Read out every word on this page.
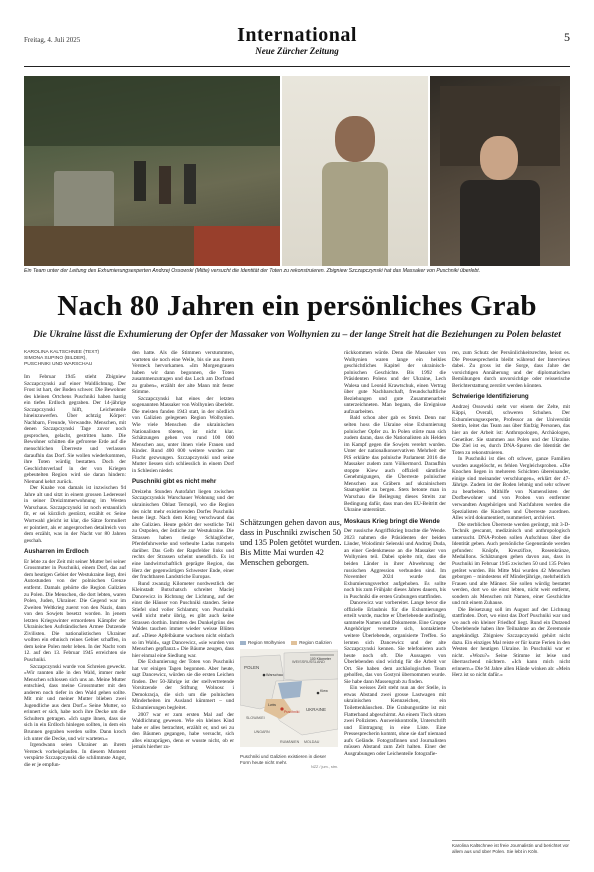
Freitag, 4. Juli 2025	International
Neue Zürcher Zeitung
5
Ein Team unter der Leitung des Exhumierungsexperten Andrzej Ossowski (Mitte) versucht die Identität der Toten zu rekonstruieren. Zbigniew Szczapczynski hat das Massaker von Puschniki überlebt.
Nach 80 Jahren ein persönliches Grab
Die Ukraine lässt die Exhumierung der Opfer der Massaker von Wolhynien zu – der lange Streit hat die Beziehungen zu Polen belastet
KAROLINA KALTSCHNEE (TEXT)
SIMONA SUPINO (BILDER),
PUSCHNIKI UND WARSCHAU

Im Februar 1945 stieht Zbigniew Szczapczynski auf einer Waldlichtung. Der Frost ist hart, der Boden schwer. Die Bewohner des kleinen Ortchens Puschniki haben hastig ein tiefes Erdloch gegraben. Der 14-jährige Szczapczynski hilft, Leichenteile hineinzuwerfen. Über achtzig Körper: Nachbarn, Freunde, Verwandte. Menschen, mit denen Szczapczynski Tage zuvor noch gesprochen, gelacht, gestritten hatte. Die Bewohner schütten die gefrorene Erde auf die menschlichen Überreste und verlassen daraufhin das Dorf. Sie wollen wiederkommen, ihre Toten würdig bestatten. Doch der Geschichtsverlauf in der von Kriegen gebeutelten Region wird sie daran hindern: Niemand kehrt zurück.

Der Knabe von damals ist inzwischen 94 Jahre alt und sitzt in einem grossen Lederessel in seiner Dreizimmerwohnung im Westen Warschaus. Szczapczynski ist noch erstaunlich fit, er sei kürzlich gestürzt, erzählt er. Seine Wortwahl gleicht ist klar, die Sätze formuliert er pointiert, als er angesprochen detailreich von dem erzählt, was in der Nacht vor 80 Jahren geschah.

Ausharren im Erdloch

Er lebte zu der Zeit mit seiner Mutter bei seiner Grossmutter in Puschniki, einem Dorf, das auf dem heutigen Gebiet der Westukraine liegt, drei Autostunden von der polnischen Grenze entfernt. Damals gehörte die Region Galizien zu Polen. Die Menschen, die dort lebten, waren Polen, Juden, Ukrainer. Die Gegend war im Zweiten Weltkrieg zuerst von den Nazis, dann von den Sowjets besetzt worden. In jenem letzten Kriegswinter ermordeten Kämpfer der Ukrainischen Aufständischen Armee Dutzende Zivilisten. Die nationalistischen Ukrainer wollten ein ethnisch reines Gebiet schaffen, in dem keine Polen mehr leben. In der Nacht vom 12. auf den 13. Februar 1945 erreichten sie Puschniki.

Szczapczynski wurde von Schreien geweckt. «Wir rannten alle in den Wald, immer mehr Menschen schlossen sich uns an. Meine Mutter entschied, dass meine Grossmutter mit den anderen noch tiefer in den Wald gehen sollte. Mit mir und meiner Mutter blieben zwei Jugendliche aus dem Dorf.» Seine Mutter, so erinnert er sich, habe noch ihre Decke um die Schultern getragen. «Ich sagte ihnen, dass sie sich in ein Erdloch hinlegen sollten, in dem ein Brunnen gegraben werden sollte. Dann kroch ich unter die Decke, und wir warteten.»

Irgendwann seien Ukrainer an ihrem Versteck vorbeigelaufen. In diesem Moment verspürte Szczapczynski die schlimmste Angst, die er je empfun-

den hatte. Als die Stimmen verstummten, warteten sie noch eine Weile, bis sie aus ihrem Versteck hervorkamen. «Im Morgengrauen haben wir dann begonnen, die Toten zusammenzutragen und das Loch am Dorfrand zu graben», erzählt der alte Mann mit fester Stimme.

Szczapczynski hat eines der letzten sogenannten Massaker von Wolhynien überlebt. Die meisten fanden 1943 statt, in der nördlich von Galizien gelegenen Region Wolhynien. Wie viele Menschen die ukrainischen Nationalisten töteten, ist nicht klar. Schätzungen gehen von rund 100 000 Menschen aus, unter ihnen viele Frauen und Kinder. Rund 400 000 weitere wurden zur Flucht gezwungen. Szczapczynski und seine Mutter liessen sich schliesslich in einem Dorf in Schlesien nieder.

Puschniki gibt es nicht mehr

Dreizehn Stunden Autofahrt liegen zwischen Szczapczynskis Warschauer Wohnung und der ukrainischen Oblast Ternopil, wo die Region des nicht mehr existierenden Dorfes Puschniki heute liegt. Nach dem Krieg verschwand das alte Galizien. Heute gehört der westliche Teil zu Ostpolen, der östliche zur Westukraine. Die Strassen haben riesige Schlaglöcher, Pferdefuhrwerke und verbeulte Ladas rumpeln darüber. Das Gelb der Rapsfelder links und rechts der Strassen scheint unendlich. Es ist eine landwirtschaftlich geprägte Region, das Herz der gegenwärtigen Schwester Ende, einer der fruchtbaren Landstriche Europas.

Rund zwanzig Kilometer nordwestlich der Kleinstadt Butschatsch schreitet Maciej Dancewicz in Richtung der Lichtung, auf der einst die Häuser von Puschniki standen. Seine Stiefel sind voller Schlamm; von Puschniki weiß nicht mehr übrig, es gibt auch keine Strassen dorthin. Inmitten des Dunkelgrüns des Waldes tauchen immer wieder weisse Blüten auf. «Diese Apfelbäume wachsen nicht einfach so im Wald», sagt Dancewicz, «sie wurden von Menschen gepflanzt.» Die Bäume zeugen, dass hier einmal eine Siedlung war.

Die Exhumierung der Toten von Puschniki hat vor einigen Tagen begonnen. Aber heute, sagt Dancewicz, würden sie die ersten Leichen finden. Der 50-Jährige ist der stellvertretende Vorsitzende der Stiftung Wolnosc i Demokracja, die sich um die polnischen Minderheiten im Ausland kümmert – und Exhumierungen begleitet.

2007 war er zum ersten Mal auf der Waldlichtung gewesen. Wie ein kleines Kind habe er alles betrachtet, erzählt er, und sei zu den Bäumen gegangen, habe versucht, sich alles einzuprägen, denn er wusste nicht, ob er jemals hierher zu-

Schätzungen gehen davon aus, dass in Puschniki zwischen 50 und 135 Polen getötet wurden. Bis Mitte Mai wurden 42 Menschen geborgen.
Region Wolhynien	Region Galizien
POLEN
Warschau
WEISSRUSSLAND
UKRAINE
Lwiw
Kiew
Puschniki
SLOWAKEI
UNGARN
RUMÄNIEN MOLDAU
100 Kilometer
Puschniki und Galizien existieren in dieser Form heute nicht mehr.
NZZ / jum., stm.

rückkommen würde. Denn die Massaker von Wolhynien waren lange ein heikles geschichtliches Kapitel der ukrainisch-polnischen Geschichte. Bis 1992 die Präsidenten Polens und der Ukraine, Lech Walesa und Leonid Krawtschuk, einen Vertrag über gute Nachbarschaft, freundschaftliche Beziehungen und gute Zusammenarbeit unterzeichneten. Man begann, die Ereignisse aufzuarbeiten.

Bald schon aber gab es Streit. Denn nur selten hoss die Ukraine eine Exhumierung polnischer Opfer zu. In Polen störte man sich zudem daran, dass die Nationalisten als Helden im Kampf gegen die Sowjets verehrt wurden. Unter der nationalkonservativen Mehrheit der PiS erklärte das polnische Parlament 2016 die Massaker zudem zum Völkermord. Daraufhin stoppte Kiew auch offiziell sämtliche Genehmigungen, die Überreste polnischer Menschen aus Gräbern auf ukrainischem Staatsgebiet zu bergen. Stets betonte man in Warschau die Beilegung dieses Streits zur Bedingung dafür, dass man den EU-Beitritt der Ukraine unterstützt.

Moskaus Krieg bringt die Wende

Der russische Angriffskrieg brachte die Wende. 2023 nahmen die Präsidenten der beiden Länder, Wolodimir Selenski und Andrzej Duda, an einer Gedenkmesse an die Massaker von Wolhynien teil. Dabei spielte mit, dass die beiden Länder in ihrer Abwehrung der russischen Aggression verbunden sind. Im November 2024 wurde das Exhumierungsverbot aufgehoben. Es sollte noch bis zum Frühjahr dieses Jahres dauern, bis in Puschniki die ersten Grabungen stattfinden.

Dancewicz war vorbereitet. Lange bevor die offizielle Erlaubnis für die Exhumierungen erteilt wurde, machte er Überlebende ausfindig, sammelte Namen und Dokumente. Eine Gruppe Angehöriger vernetzte sich, kontaktierte weitere Überlebende, organisierte Treffen. So lernten sich Dancewicz und der alte Szczapczynski kennen. Sie telefonieren auch heute noch oft. Die Aussagen von Überlebenden sind wichtig für die Arbeit vor Ort. Sie haben dem archäologischen Team geholfen, das von Gostyni übernommen wurde. Sie habe dann Massengrab zu finden.

Ein weisses Zelt steht nun an der Stelle, in etwas Abstand zwei grosse Lastwagen mit ukrainischen Kennzeichen, ein Toilettenhäuschen. Die Grabungsstätte ist mit Flatterband abgeschirmt. An einem Tisch sitzen zwei Polizisten. Ausweiskontrolle, Unterschrift und Eintragung in eine Liste. Eine Pressesprecherin kommt, ohne sie darf niemand aufs Gelände. Fotografinnen und Journalisten müssen Abstand zum Zelt halten. Einer der Ausgrabungen oder Leichenteile fotografie-

ren, zum Schutz der Persönlichkeitsrechte, heisst es. Die Pressesprecherin bleibt während der Interviews dabei. Zu gross ist die Sorge, dass Jahre der vorsichtigen Annäherung und der diplomatischen Bemühungen durch unvorsichtige oder reisserische Berichterstattung zerstört werden könnten.

Schwierige Identifizierung

Andrzej Ossowski steht vor einem der Zelte, mit Käppi, Overall, schweren Schuhen. Der Exhumierungsexperte, Professor an der Universität Stettin, leitet das Team aus über fünfzig Personen, das hier an der Arbeit ist: Anthropologen, Archäologen, Genetiker. Sie stammen aus Polen und der Ukraine. Die Ziel ist es, durch DNA-Spuren die Identität der Toten zu rekonstruieren.

In Puschniki ist dies oft schwer, ganze Familien wurden ausgelöscht, es fehlen Vergleichsproben. «Die Knochen liegen in mehreren Schichten übereinander, einige sind meinander verschlungen», erklärt der 47-Jährige. Zudem ist der Boden lehmig und sehr schwer zu bearbeiten. Mithilfe von Namenslisten der Dorfbewohner und von Proben von entfernter verwandten Angehörigen und Nachfahren werden die Spezialisten die Knochen und Überreste zuordnen. Alles wird dokumentiert, nummeriert, archiviert.

Die sterblichen Überreste werden geröntgt, mit 3-D-Technik gescannt, medizinisch und anthropologisch untersucht. DNA-Proben sollen Aufschluss über die Identität geben. Auch persönliche Gegenstände werden gefunden: Knöpfe, Kreuzifixe, Rosenkränze, Medaillons. Schätzungen gehen davon aus, dass in Puschniki im Februar 1945 zwischen 50 und 135 Polen getötet wurden. Bis Mitte Mai wurden 42 Menschen geborgen – mindestens elf Minderjährige, mehrheitlich Frauen und alte Männer. Sie sollen würdig bestattet werden, dort wo sie einst lebten, nicht weit entfernt, sondern als Menschen mit Namen, einer Geschichte und mit einem Zuhause.

Die Beisetzung soll im August auf der Lichtung stattfinden. Dort, wo einst das Dorf Puschniki war und wo auch ein kleiner Friedhof liegt. Rund ein Dutzend Überlebende haben ihre Teilnahme an der Zeremonie angekündigt. Zbigniew Szczapczynski gehört nicht dazu. Ein einziges Mal reiste er für kurze Ferien in den Westen der heutigen Ukraine. In Puschniki war er nicht. «Wozu?» Seine Stimme ist leise und überraschend nüchtern. «Ich kann mich nicht erinnern.» Die 94 Jahre allen Hände winken ab: «Mein Herz ist so nicht dafür.»

Karolina Kaltschnee ist freie Journalistin und berichtet vor allem aus und über Polen. Sie lebt in Köln.
